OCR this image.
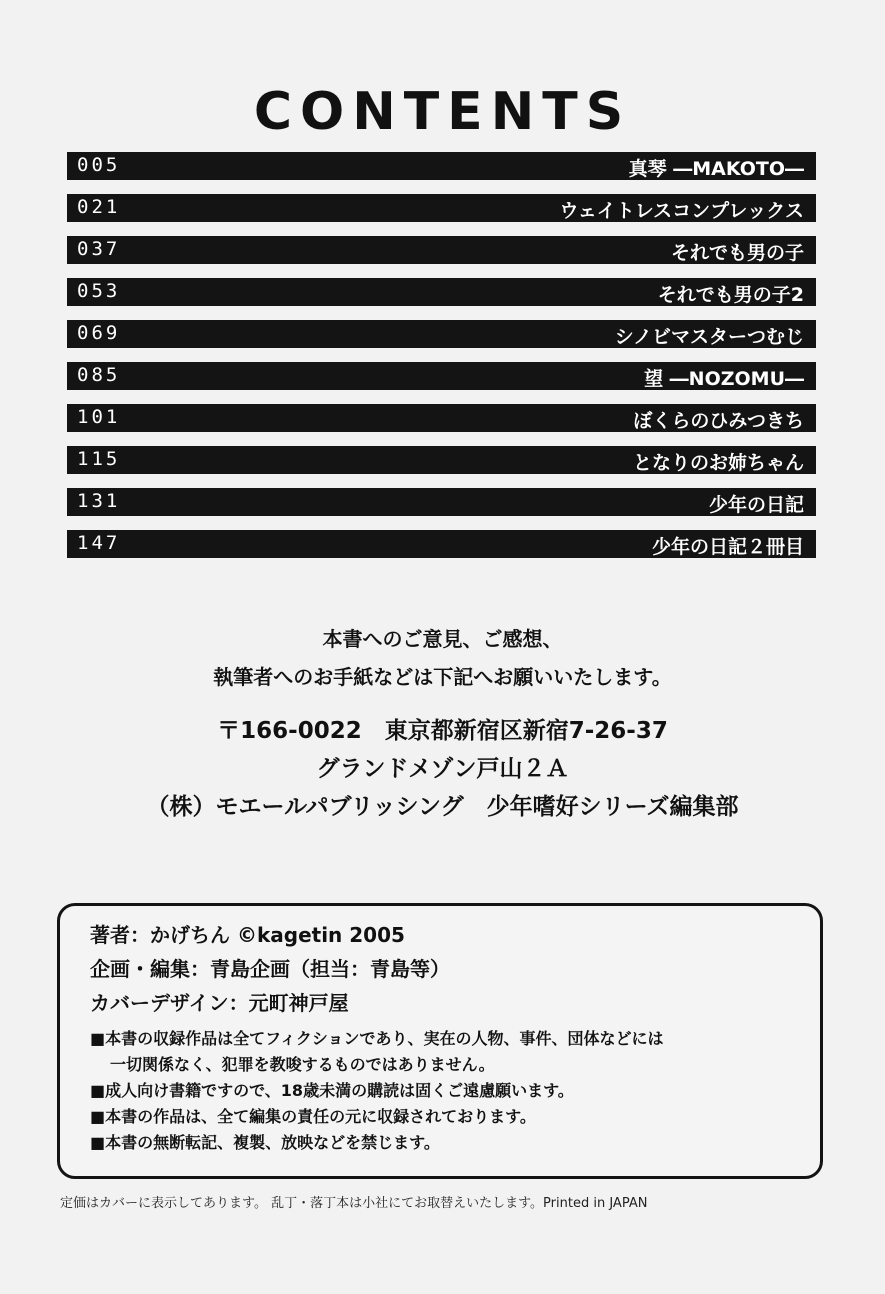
CONTENTS
005	真琴 ―MAKOTO―
021	ウェイトレスコンプレックス
037	それでも男の子
053	それでも男の子2
069	シノビマスターつむじ
085	望 ―NOZOMU―
101	ぼくらのひみつきち
115	となりのお姉ちゃん
131	少年の日記
147	少年の日記２冊目
本書へのご意見、ご感想、
執筆者へのお手紙などは下記へお願いいたします。
〒166-0022　東京都新宿区新宿7-26-37
グランドメゾン戸山２Ａ
（株）モエールパブリッシング　少年嗜好シリーズ編集部
著者：かげちん ©kagetin 2005
企画・編集：青島企画（担当：青島等）
カバーデザイン：元町神戸屋
■本書の収録作品は全てフィクションであり、実在の人物、事件、団体などには
一切関係なく、犯罪を教唆するものではありません。
■成人向け書籍ですので、18歳未満の購読は固くご遠慮願います。
■本書の作品は、全て編集の責任の元に収録されております。
■本書の無断転記、複製、放映などを禁じます。
定価はカバーに表示してあります。 乱丁・落丁本は小社にてお取替えいたします。Printed in JAPAN
